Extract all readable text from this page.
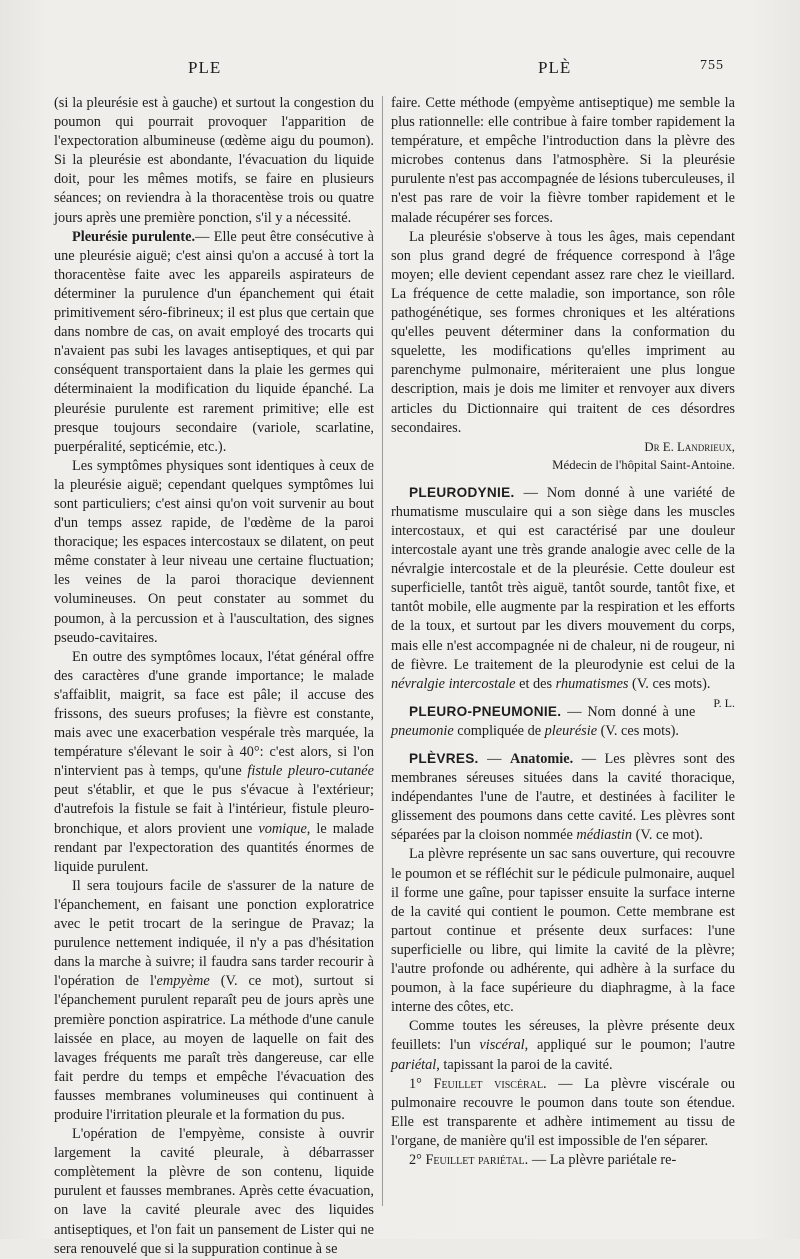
PLE	PLÈ	755

(si la pleurésie est à gauche) et surtout la congestion du poumon qui pourrait provoquer l'apparition de l'expectoration albumineuse (œdème aigu du poumon). Si la pleurésie est abondante, l'évacuation du liquide doit, pour les mêmes motifs, se faire en plusieurs séances; on reviendra à la thoracentèse trois ou quatre jours après une première ponction, s'il y a nécessité.

Pleurésie purulente.— Elle peut être consécutive à une pleurésie aiguë; c'est ainsi qu'on a accusé à tort la thoracentèse faite avec les appareils aspirateurs de déterminer la purulence d'un épanchement qui était primitivement séro-fibrineux; il est plus que certain que dans nombre de cas, on avait employé des trocarts qui n'avaient pas subi les lavages antiseptiques, et qui par conséquent transportaient dans la plaie les germes qui déterminaient la modification du liquide épanché. La pleurésie purulente est rarement primitive; elle est presque toujours secondaire (variole, scarlatine, puerpéralité, septicémie, etc.).

Les symptômes physiques sont identiques à ceux de la pleurésie aiguë; cependant quelques symptômes lui sont particuliers; c'est ainsi qu'on voit survenir au bout d'un temps assez rapide, de l'œdème de la paroi thoracique; les espaces intercostaux se dilatent, on peut même constater à leur niveau une certaine fluctuation; les veines de la paroi thoracique deviennent volumineuses. On peut constater au sommet du poumon, à la percussion et à l'auscultation, des signes pseudo-cavitaires.

En outre des symptômes locaux, l'état général offre des caractères d'une grande importance; le malade s'affaiblit, maigrit, sa face est pâle; il accuse des frissons, des sueurs profuses; la fièvre est constante, mais avec une exacerbation vespérale très marquée, la température s'élevant le soir à 40°: c'est alors, si l'on n'intervient pas à temps, qu'une fistule pleuro-cutanée peut s'établir, et que le pus s'évacue à l'extérieur; d'autrefois la fistule se fait à l'intérieur, fistule pleuro-bronchique, et alors provient une vomique, le malade rendant par l'expectoration des quantités énormes de liquide purulent.

Il sera toujours facile de s'assurer de la nature de l'épanchement, en faisant une ponction exploratrice avec le petit trocart de la seringue de Pravaz; la purulence nettement indiquée, il n'y a pas d'hésitation dans la marche à suivre; il faudra sans tarder recourir à l'opération de l'empyème (V. ce mot), surtout si l'épanchement purulent reparaît peu de jours après une première ponction aspiratrice. La méthode d'une canule laissée en place, au moyen de laquelle on fait des lavages fréquents me paraît très dangereuse, car elle fait perdre du temps et empêche l'évacuation des fausses membranes volumineuses qui continuent à produire l'irritation pleurale et la formation du pus.

L'opération de l'empyème, consiste à ouvrir largement la cavité pleurale, à débarrasser complètement la plèvre de son contenu, liquide purulent et fausses membranes. Après cette évacuation, on lave la cavité pleurale avec des liquides antiseptiques, et l'on fait un pansement de Lister qui ne sera renouvelé que si la suppuration continue à se

faire. Cette méthode (empyème antiseptique) me semble la plus rationnelle: elle contribue à faire tomber rapidement la température, et empêche l'introduction dans la plèvre des microbes contenus dans l'atmosphère. Si la pleurésie purulente n'est pas accompagnée de lésions tuberculeuses, il n'est pas rare de voir la fièvre tomber rapidement et le malade récupérer ses forces.

La pleurésie s'observe à tous les âges, mais cependant son plus grand degré de fréquence correspond à l'âge moyen; elle devient cependant assez rare chez le vieillard. La fréquence de cette maladie, son importance, son rôle pathogénétique, ses formes chroniques et les altérations qu'elles peuvent déterminer dans la conformation du squelette, les modifications qu'elles impriment au parenchyme pulmonaire, mériteraient une plus longue description, mais je dois me limiter et renvoyer aux divers articles du Dictionnaire qui traitent de ces désordres secondaires.

Dr E. Landrieux,
Médecin de l'hôpital Saint-Antoine.

PLEURODYNIE. — Nom donné à une variété de rhumatisme musculaire qui a son siège dans les muscles intercostaux, et qui est caractérisé par une douleur intercostale ayant une très grande analogie avec celle de la névralgie intercostale et de la pleurésie. Cette douleur est superficielle, tantôt très aiguë, tantôt sourde, tantôt fixe, et tantôt mobile, elle augmente par la respiration et les efforts de la toux, et surtout par les divers mouvement du corps, mais elle n'est accompagnée ni de chaleur, ni de rougeur, ni de fièvre. Le traitement de la pleurodynie est celui de la névralgie intercostale et des rhumatismes (V. ces mots).
P. L.

PLEURO-PNEUMONIE. — Nom donné à une pneumonie compliquée de pleurésie (V. ces mots).

PLÈVRES. — Anatomie. — Les plèvres sont des membranes séreuses situées dans la cavité thoracique, indépendantes l'une de l'autre, et destinées à faciliter le glissement des poumons dans cette cavité. Les plèvres sont séparées par la cloison nommée médiastin (V. ce mot).

La plèvre représente un sac sans ouverture, qui recouvre le poumon et se réfléchit sur le pédicule pulmonaire, auquel il forme une gaîne, pour tapisser ensuite la surface interne de la cavité qui contient le poumon. Cette membrane est partout continue et présente deux surfaces: l'une superficielle ou libre, qui limite la cavité de la plèvre; l'autre profonde ou adhérente, qui adhère à la surface du poumon, à la face supérieure du diaphragme, à la face interne des côtes, etc.

Comme toutes les séreuses, la plèvre présente deux feuillets: l'un viscéral, appliqué sur le poumon; l'autre pariétal, tapissant la paroi de la cavité.

1° Feuillet viscéral. — La plèvre viscérale ou pulmonaire recouvre le poumon dans toute son étendue. Elle est transparente et adhère intimement au tissu de l'organe, de manière qu'il est impossible de l'en séparer.

2° Feuillet pariétal. — La plèvre pariétale re-
